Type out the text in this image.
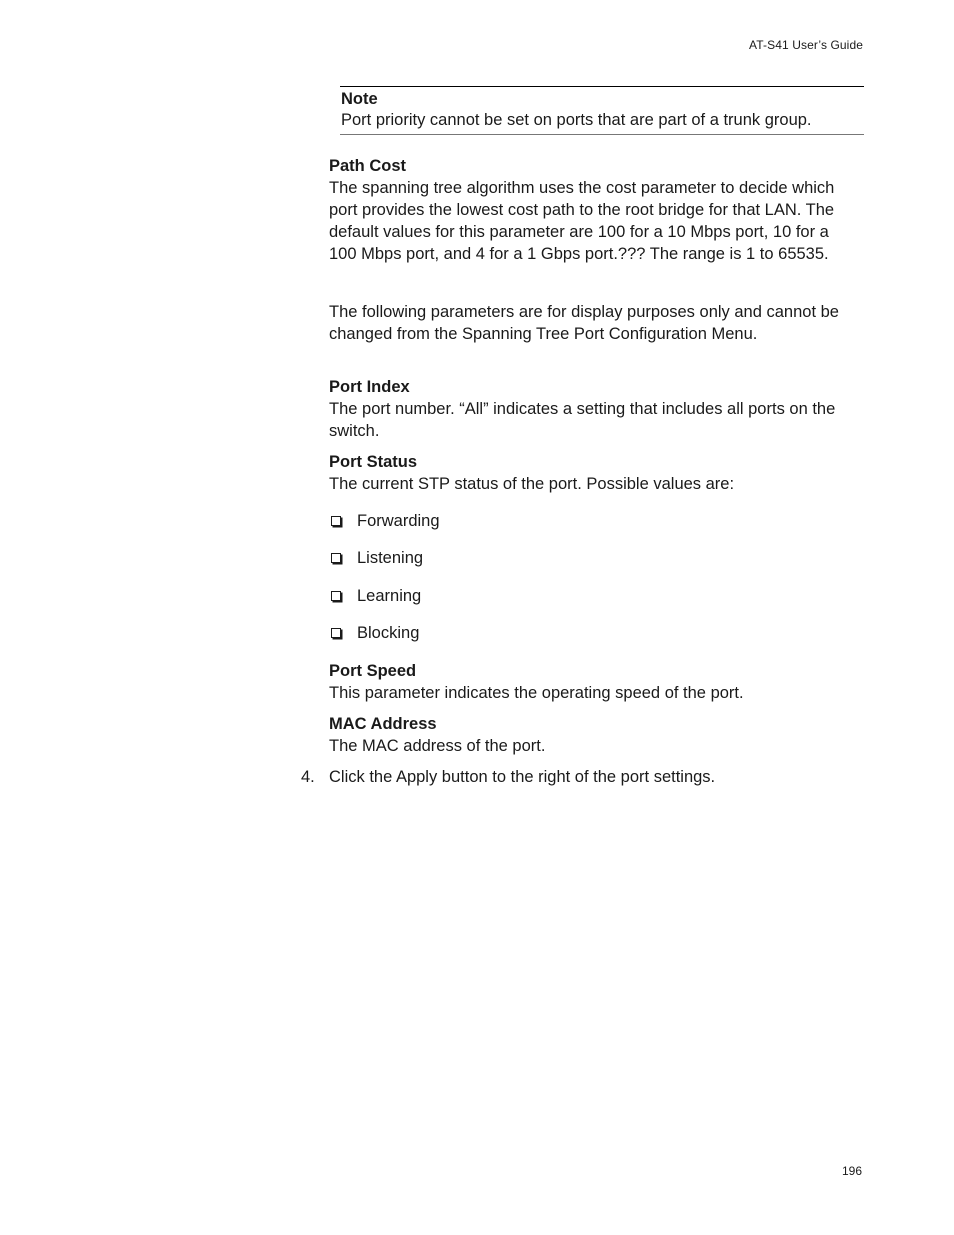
AT-S41 User’s Guide
Note
Port priority cannot be set on ports that are part of a trunk group.
Path Cost
The spanning tree algorithm uses the cost parameter to decide which port provides the lowest cost path to the root bridge for that LAN. The default values for this parameter are 100 for a 10 Mbps port, 10 for a 100 Mbps port, and 4 for a 1 Gbps port.??? The range is 1 to 65535.
The following parameters are for display purposes only and cannot be changed from the Spanning Tree Port Configuration Menu.
Port Index
The port number. “All” indicates a setting that includes all ports on the switch.
Port Status
The current STP status of the port. Possible values are:
Forwarding
Listening
Learning
Blocking
Port Speed
This parameter indicates the operating speed of the port.
MAC Address
The MAC address of the port.
4. Click the Apply button to the right of the port settings.
196
